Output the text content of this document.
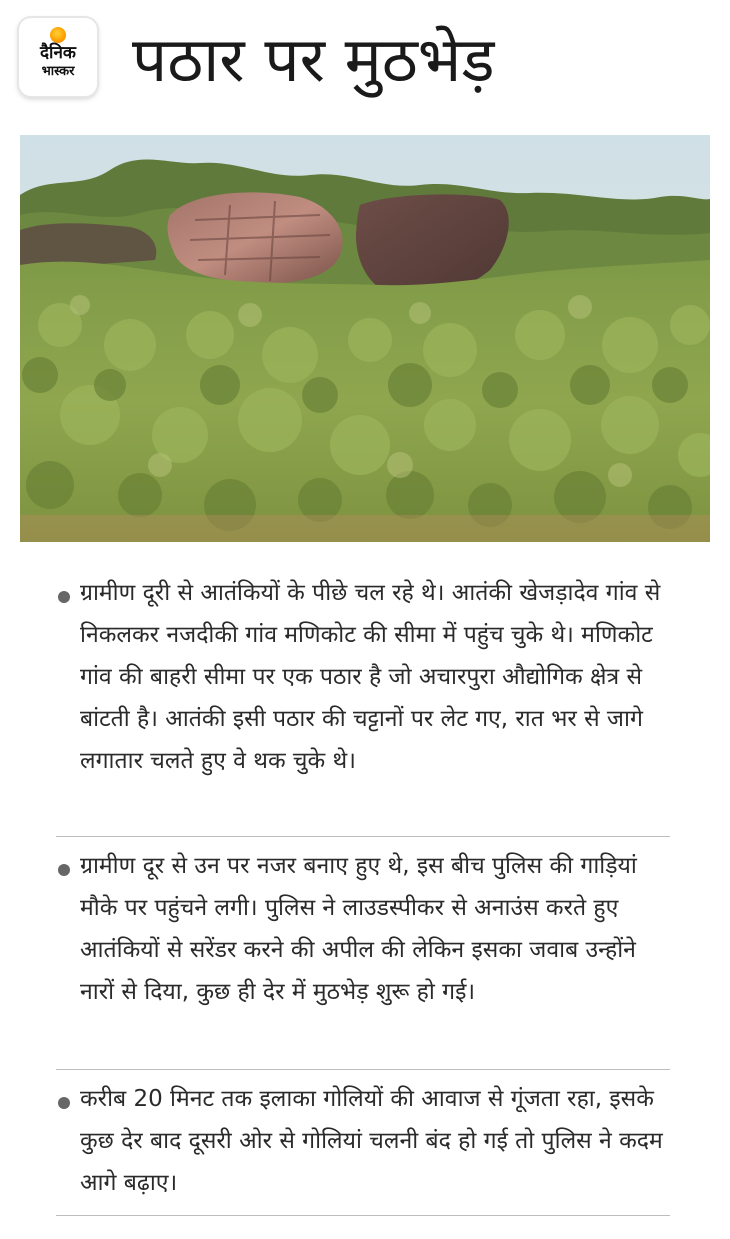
दैनिक
भास्कर पठार पर मुठभेड़

ग्रामीण दूरी से आतंकियों के पीछे चल रहे थे। आतंकी खेजड़ादेव गांव से निकलकर नजदीकी गांव मणिकोट की सीमा में पहुंच चुके थे। मणिकोट गांव की बाहरी सीमा पर एक पठार है जो अचारपुरा औद्योगिक क्षेत्र से बांटती है। आतंकी इसी पठार की चट्टानों पर लेट गए, रात भर से जागे लगातार चलते हुए वे थक चुके थे।

ग्रामीण दूर से उन पर नजर बनाए हुए थे, इस बीच पुलिस की गाड़ियां मौके पर पहुंचने लगी। पुलिस ने लाउडस्पीकर से अनाउंस करते हुए आतंकियों से सरेंडर करने की अपील की लेकिन इसका जवाब उन्होंने नारों से दिया, कुछ ही देर में मुठभेड़ शुरू हो गई।

करीब 20 मिनट तक इलाका गोलियों की आवाज से गूंजता रहा, इसके कुछ देर बाद दूसरी ओर से गोलियां चलनी बंद हो गई तो पुलिस ने कदम आगे बढ़ाए।
